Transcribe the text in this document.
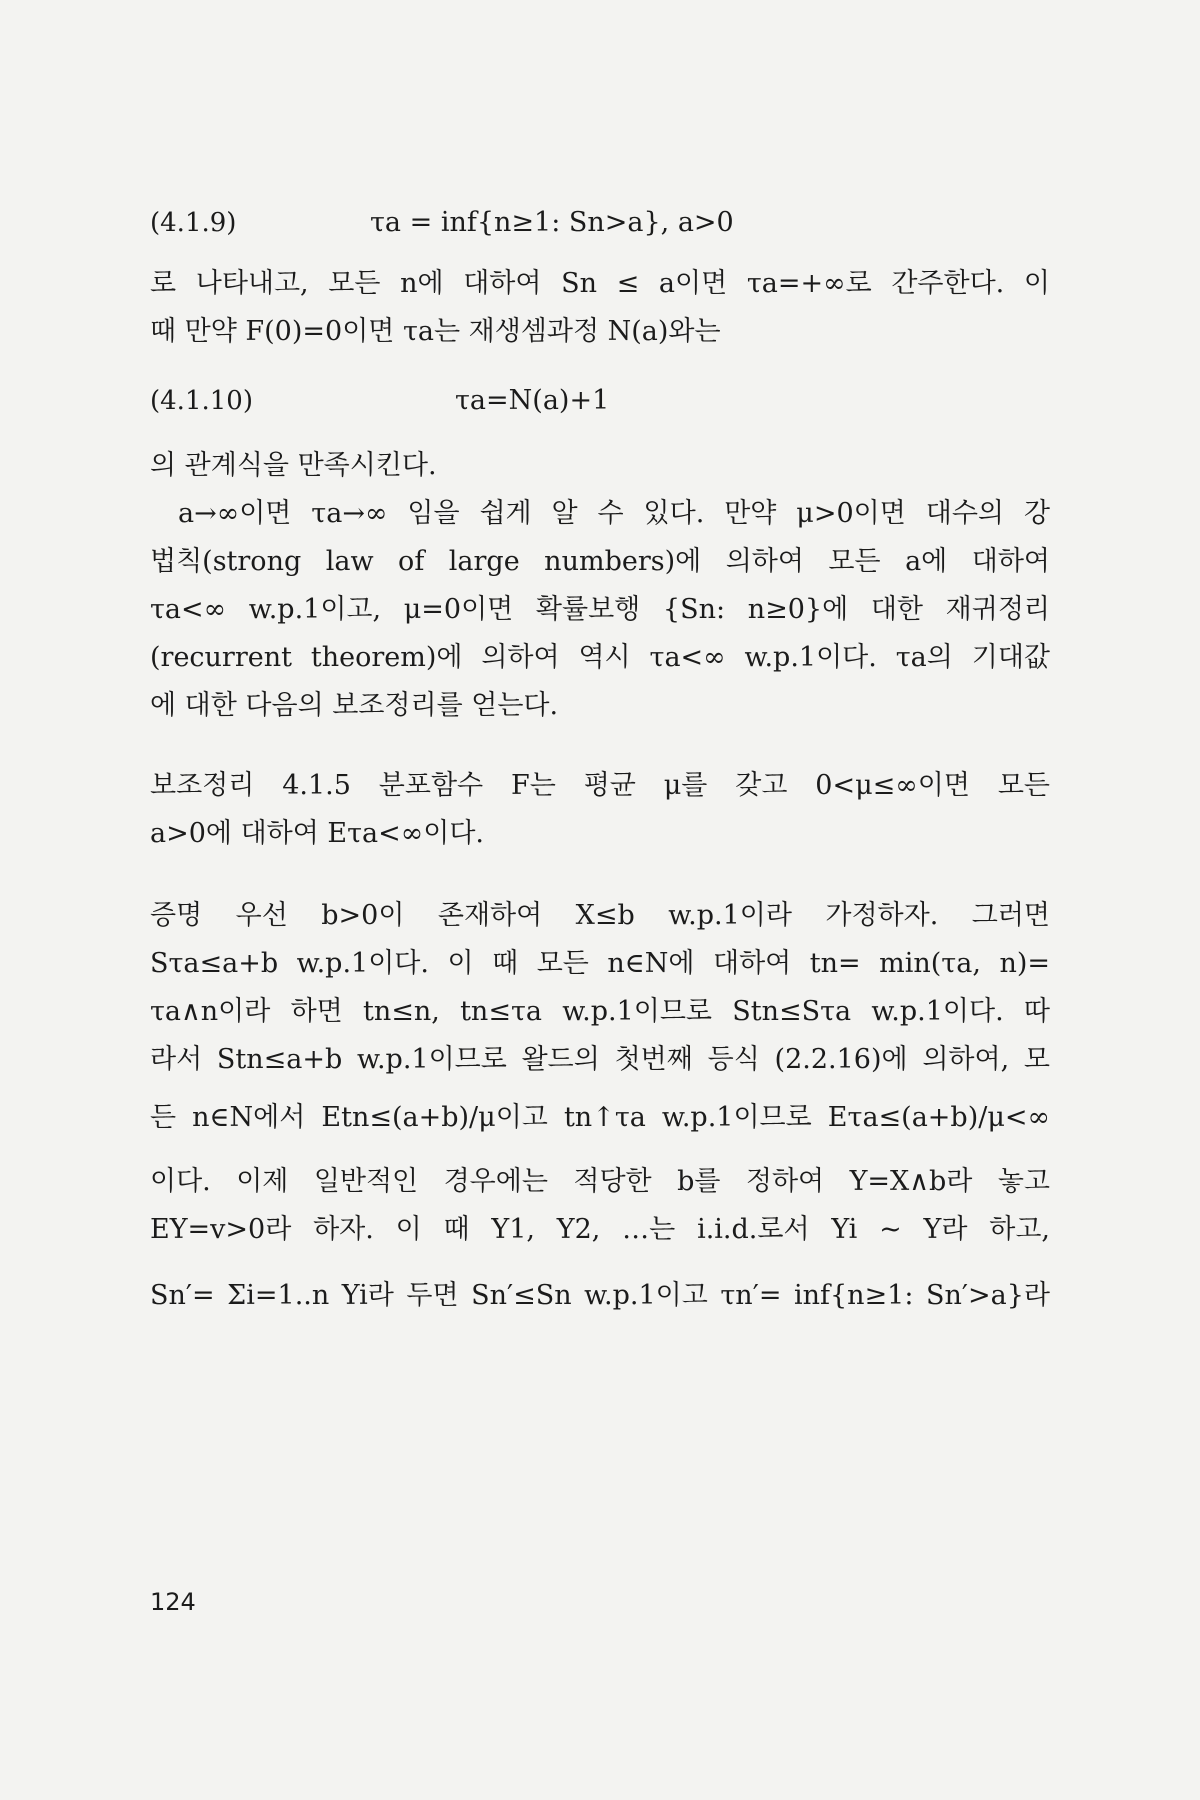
(4.1.9)	τa = inf{n≥1: Sn>a}, a>0
로 나타내고, 모든 n에 대하여 Sn ≤ a이면 τa=+∞로 간주한다. 이
때 만약 F(0)=0이면 τa는 재생셈과정 N(a)와는
(4.1.10)	τa=N(a)+1
의 관계식을 만족시킨다.
a→∞이면 τa→∞ 임을 쉽게 알 수 있다. 만약 μ>0이면 대수의 강
법칙(strong law of large numbers)에 의하여 모든 a에 대하여
τa<∞ w.p.1이고, μ=0이면 확률보행 {Sn: n≥0}에 대한 재귀정리
(recurrent theorem)에 의하여 역시 τa<∞ w.p.1이다. τa의 기대값
에 대한 다음의 보조정리를 얻는다.
보조정리 4.1.5 분포함수 F는 평균 μ를 갖고 0<μ≤∞이면 모든
a>0에 대하여 Eτa<∞이다.
증명 우선 b>0이 존재하여 X≤b w.p.1이라 가정하자. 그러면
Sτa≤a+b w.p.1이다. 이 때 모든 n∈N에 대하여 tn= min(τa, n)=
τa∧n이라 하면 tn≤n, tn≤τa w.p.1이므로 Stn≤Sτa w.p.1이다. 따
라서 Stn≤a+b w.p.1이므로 왈드의 첫번째 등식 (2.2.16)에 의하여, 모
든 n∈N에서 Etn≤(a+b)/μ이고 tn↑τa w.p.1이므로 Eτa≤(a+b)/μ<∞
이다. 이제 일반적인 경우에는 적당한 b를 정하여 Y=X∧b라 놓고
EY=v>0라 하자. 이 때 Y1, Y2, …는 i.i.d.로서 Yi ~ Y라 하고,
Sn′= Σi=1..n Yi라 두면 Sn′≤Sn w.p.1이고 τn′= inf{n≥1: Sn′>a}라
124
